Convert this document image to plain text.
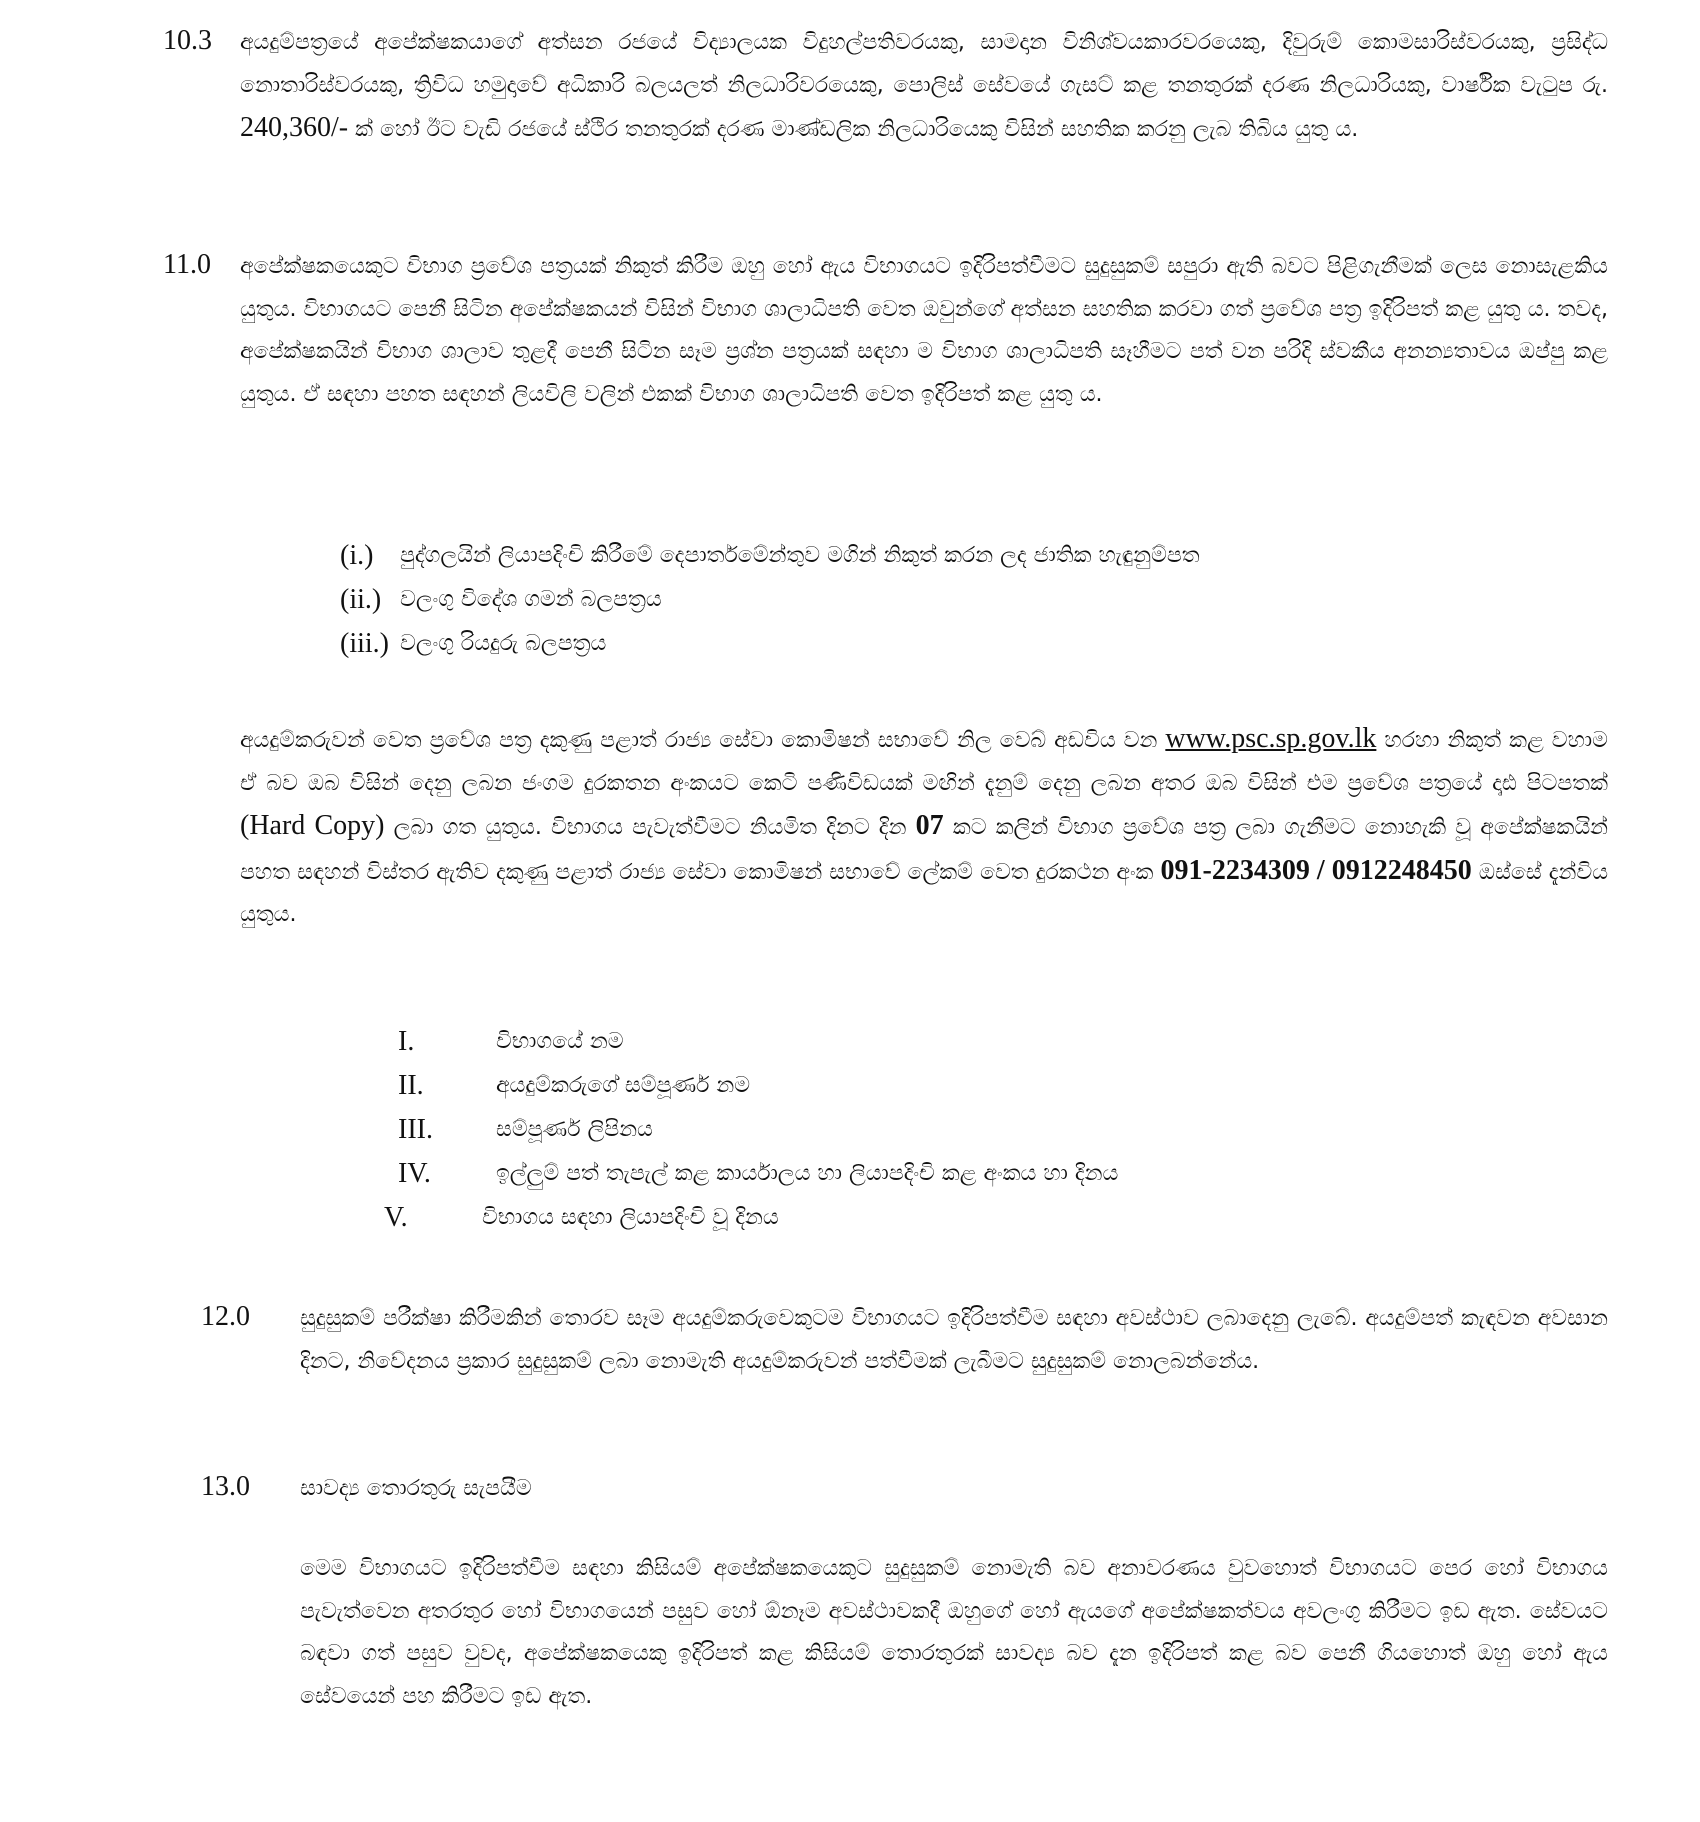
10.3 අයදුම්පත්‍රයේ අපේක්ෂකයාගේ අත්සන රජයේ විද්‍යාලයක විදුහල්පතිවරයකු, සාමදාන විනිශ්වයකාරවරයෙකු, දිවුරුම් කොමසාරිස්වරයකු, ප්‍රසිද්ධ නොතාරිස්වරයකු, ත්‍රිවිධ හමුදාවේ අධිකාරි බලයලත් නිලධාරිවරයෙකු, පොලිස් සේවයේ ගැසට් කළ තනතුරක් දරණ නිලධාරියකු, වාර්ෂික වැටුප රු. 240,360/- ක් හෝ ඊට වැඩි රජයේ ස්ථිර තනතුරක් දරණ මාණ්ඩලික නිලධාරියෙකු විසින් සහතික කරනු ලැබ තිබිය යුතු ය.
11.0 අපේක්ෂකයෙකුට විභාග ප්‍රවේශ පත්‍රයක් නිකුත් කිරීම ඔහු හෝ ඇය විභාගයට ඉදිරිපත්වීමට සුදුසුකම් සපුරා ඇති බවට පිළිගැනීමක් ලෙස නොසැළකිය යුතුය. විභාගයට පෙනී සිටින අපේක්ෂකයන් විසින් විභාග ශාලාධිපති වෙත ඔවුන්ගේ අත්සන සහතික කරවා ගත් ප්‍රවේශ පත්‍ර ඉදිරිපත් කළ යුතු ය. තවද, අපේක්ෂකයින් විභාග ශාලාව තුළදී පෙනී සිටින සෑම ප්‍රශ්න පත්‍රයක් සඳහා ම විභාග ශාලාධිපති සෑහීමට පත් වන පරිදි ස්වකීය අනන්‍යතාවය ඔප්පු කළ යුතුය. ඒ සඳහා පහත සඳහන් ලියවිලි වලින් එකක් විභාග ශාලාධිපති වෙත ඉදිරිපත් කළ යුතු ය.
(i.) පුද්ගලයින් ලියාපදිංචි කිරීමේ දෙපාර්තමේන්තුව මගින් නිකුත් කරන ලද ජාතික හැඳුනුම්පත
(ii.) වලංගු විදේශ ගමන් බලපත්‍රය
(iii.) වලංගු රියදුරු බලපත්‍රය
අයදුම්කරුවන් වෙත ප්‍රවේශ පත්‍ර දකුණු පළාත් රාජ්‍ය සේවා කොමිෂන් සභාවේ නිල වෙබ් අඩවිය වන www.psc.sp.gov.lk හරහා නිකුත් කළ වහාම ඒ බව ඔබ විසින් දෙනු ලබන ජංගම දුරකතන අංකයට කෙටි පණිවිඩයක් මඟින් දැනුම් දෙනු ලබන අතර ඔබ විසින් එම ප්‍රවේශ පත්‍රයේ දෘඪ පිටපතක් (Hard Copy) ලබා ගත යුතුය. විභාගය පැවැත්වීමට නියමිත දිනට දින 07 කට කලින් විභාග ප්‍රවේශ පත්‍ර ලබා ගැනීමට නොහැකි වූ අපේක්ෂකයින් පහත සඳහන් විස්තර ඇතිව දකුණු පළාත් රාජ්‍ය සේවා කොමිෂන් සභාවේ ලේකම් වෙත දුරකථන අංක 091-2234309 / 0912248450 ඔස්සේ දැන්විය යුතුය.
I.	විභාගයේ නම
II.	අයදුම්කරුගේ සම්පූර්ණ නම
III.	සම්පූර්ණ ලිපිනය
IV.	ඉල්ලුම් පත් තැපැල් කළ කාර්යාලය හා ලියාපදිංචි කළ අංකය හා දිනය
V.	විභාගය සඳහා ලියාපදිංචි වූ දිනය
12.0 සුදුසුකම් පරීක්ෂා කිරීමකින් තොරව සෑම අයදුම්කරුවෙකුටම විභාගයට ඉදිරිපත්වීම සඳහා අවස්ථාව ලබාදෙනු ලැබේ. අයදුම්පත් කැඳවන අවසාන දිනට, නිවේදනය ප්‍රකාර සුදුසුකම් ලබා නොමැති අයදුම්කරුවන් පත්වීමක් ලැබීමට සුදුසුකම් නොලබන්නේය.
13.0 සාවද්‍ය තොරතුරු සැපයීම
මෙම විභාගයට ඉදිරිපත්වීම සඳහා කිසියම් අපේක්ෂකයෙකුට සුදුසුකම් නොමැති බව අනාවරණය වුවහොත් විභාගයට පෙර හෝ විභාගය පැවැත්වෙන අතරතුර හෝ විභාගයෙන් පසුව හෝ ඕනෑම අවස්ථාවකදී ඔහුගේ හෝ ඇයගේ අපේක්ෂකත්වය අවලංගු කිරීමට ඉඩ ඇත. සේවයට බඳවා ගත් පසුව වුවද, අපේක්ෂකයෙකු ඉදිරිපත් කළ කිසියම් තොරතුරක් සාවද්‍ය බව දැන ඉදිරිපත් කළ බව පෙනී ගියහොත් ඔහු හෝ ඇය සේවයෙන් පහ කිරීමට ඉඩ ඇත.
